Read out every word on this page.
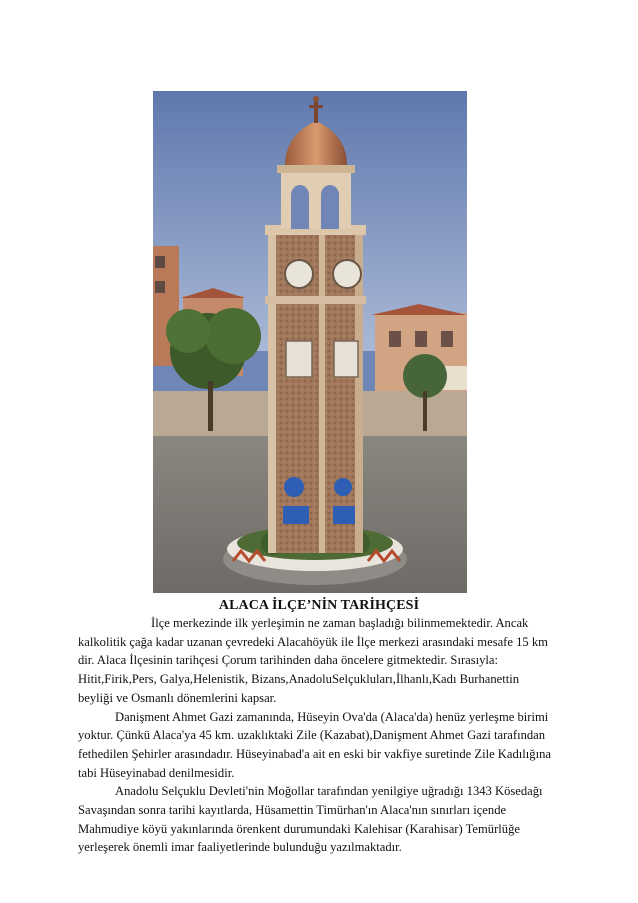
ALACA İLÇE’NİN TARİHÇESİ

İlçe merkezinde ilk yerleşimin ne zaman başladığı bilinmemektedir. Ancak

kalkolitik çağa kadar uzanan çevredeki Alacahöyük ile İlçe merkezi arasındaki mesafe 15 km

dir. Alaca İlçesinin tarihçesi Çorum tarihinden daha öncelere gitmektedir. Sırasıyla:

Hitit,Firik,Pers, Galya,Helenistik, Bizans,AnadoluSelçukluları,İlhanlı,Kadı Burhanettin

beyliği ve Osmanlı dönemlerini kapsar.

Danişment Ahmet Gazi zamanında, Hüseyin Ova'da (Alaca'da) henüz yerleşme birimi

yoktur. Çünkü Alaca'ya 45 km. uzaklıktaki Zile (Kazabat),Danişment Ahmet Gazi tarafından

fethedilen Şehirler arasındadır. Hüseyinabad'a ait en eski bir vakfiye suretinde Zile Kadılığına

tabi Hüseyinabad denilmesidir.

Anadolu Selçuklu Devleti'nin Moğollar tarafından yenilgiye uğradığı 1343 Kösedağı

Savaşından sonra tarihi kayıtlarda, Hüsamettin Timürhan'ın Alaca'nın sınırları içende

Mahmudiye köyü yakınlarında örenkent durumundaki Kalehisar (Karahisar) Temürlüğe

yerleşerek önemli imar faaliyetlerinde bulunduğu yazılmaktadır.
